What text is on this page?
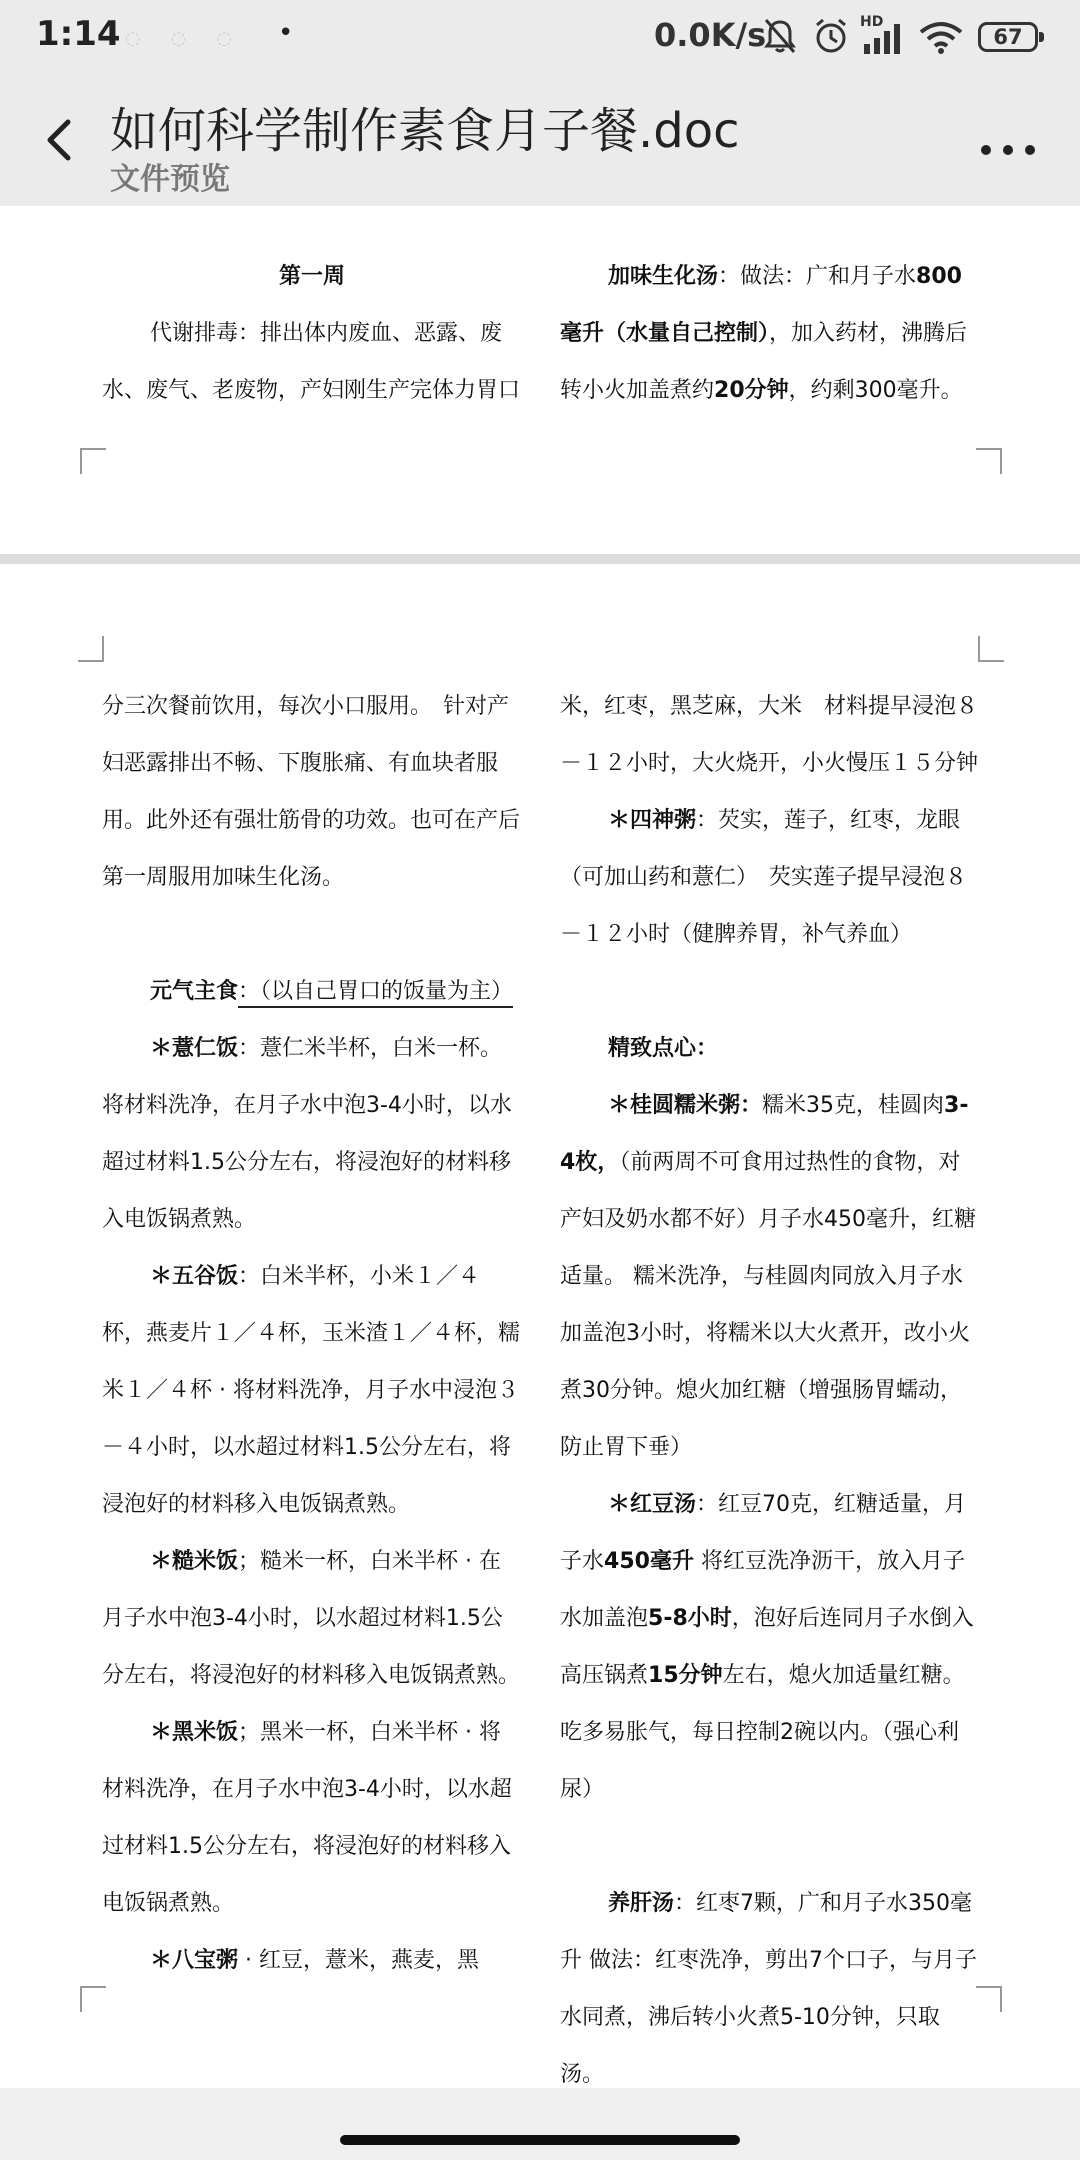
1:14 ◌◌◌ •	0.0K/s	HD
67
如何科学制作素食月子餐.doc
文件预览

第一周

代谢排毒：排出体内废血、恶露、废水、废气、老废物，产妇刚生产完体力胃口

加味生化汤：做法：广和月子水800毫升（水量自己控制），加入药材，沸腾后转小火加盖煮约20分钟，约剩300毫升。

分三次餐前饮用，每次小口服用。　针对产妇恶露排出不畅、下腹胀痛、有血块者服用。此外还有强壮筋骨的功效。也可在产后第一周服用加味生化汤。

元气主食：（以自己胃口的饭量为主）

＊薏仁饭：薏仁米半杯，白米一杯。将材料洗净，在月子水中泡3-4小时，以水超过材料1.5公分左右，将浸泡好的材料移入电饭锅煮熟。

＊五谷饭：白米半杯，小米１／４杯，燕麦片１／４杯，玉米渣１／４杯，糯米１／４杯 · 将材料洗净，月子水中浸泡３－４小时，以水超过材料1.5公分左右，将浸泡好的材料移入电饭锅煮熟。

＊糙米饭；糙米一杯，白米半杯 · 在月子水中泡3-4小时，以水超过材料1.5公分左右，将浸泡好的材料移入电饭锅煮熟。

＊黑米饭；黑米一杯，白米半杯 · 将材料洗净，在月子水中泡3-4小时，以水超过材料1.5公分左右，将浸泡好的材料移入电饭锅煮熟。

＊八宝粥 · 红豆，薏米，燕麦，黑

米，红枣，黑芝麻，大米　材料提早浸泡８－１２小时，大火烧开，小火慢压１５分钟

＊四神粥：芡实，莲子，红枣，龙眼（可加山药和薏仁）　芡实莲子提早浸泡８－１２小时（健脾养胃，补气养血）

精致点心：

＊桂圆糯米粥：糯米35克，桂圆肉3-4枚，（前两周不可食用过热性的食物，对产妇及奶水都不好）月子水450毫升，红糖适量。 糯米洗净，与桂圆肉同放入月子水加盖泡3小时，将糯米以大火煮开，改小火煮30分钟。熄火加红糖（增强肠胃蠕动，防止胃下垂）

＊红豆汤：红豆70克，红糖适量，月子水450毫升 将红豆洗净沥干，放入月子水加盖泡5-8小时，泡好后连同月子水倒入高压锅煮15分钟左右，熄火加适量红糖。　吃多易胀气，每日控制2碗以内。（强心利尿）

养肝汤：红枣7颗，广和月子水350毫升 做法：红枣洗净，剪出7个口子，与月子水同煮，沸后转小火煮5-10分钟，只取汤。
